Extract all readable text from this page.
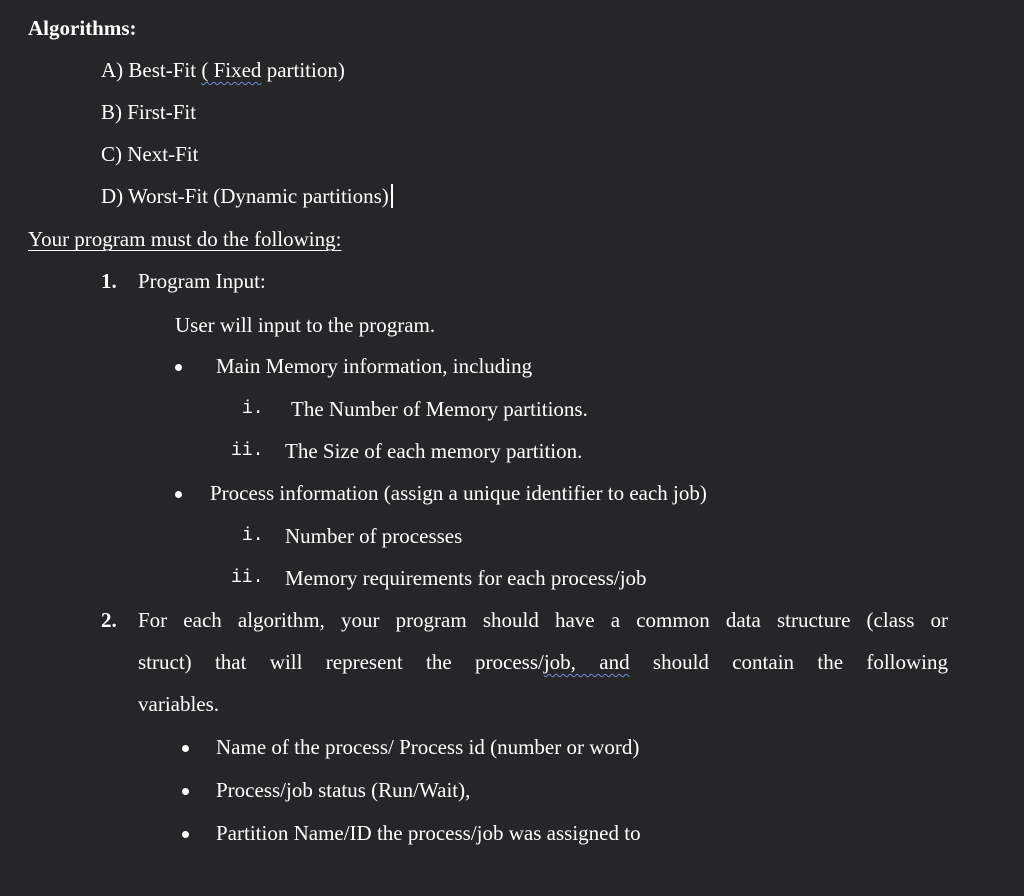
Algorithms:
A) Best-Fit ( Fixed partition)
B) First-Fit
C) Next-Fit
D) Worst-Fit (Dynamic partitions)
Your program must do the following:
1. Program Input:
User will input to the program.
Main Memory information, including
i. The Number of Memory partitions.
ii. The Size of each memory partition.
Process information (assign a unique identifier to each job)
i. Number of processes
ii. Memory requirements for each process/job
2. For each algorithm, your program should have a common data structure (class or
struct) that will represent the process/job, and should contain the following
variables.
Name of the process/ Process id (number or word)
Process/job status (Run/Wait),
Partition Name/ID the process/job was assigned to
